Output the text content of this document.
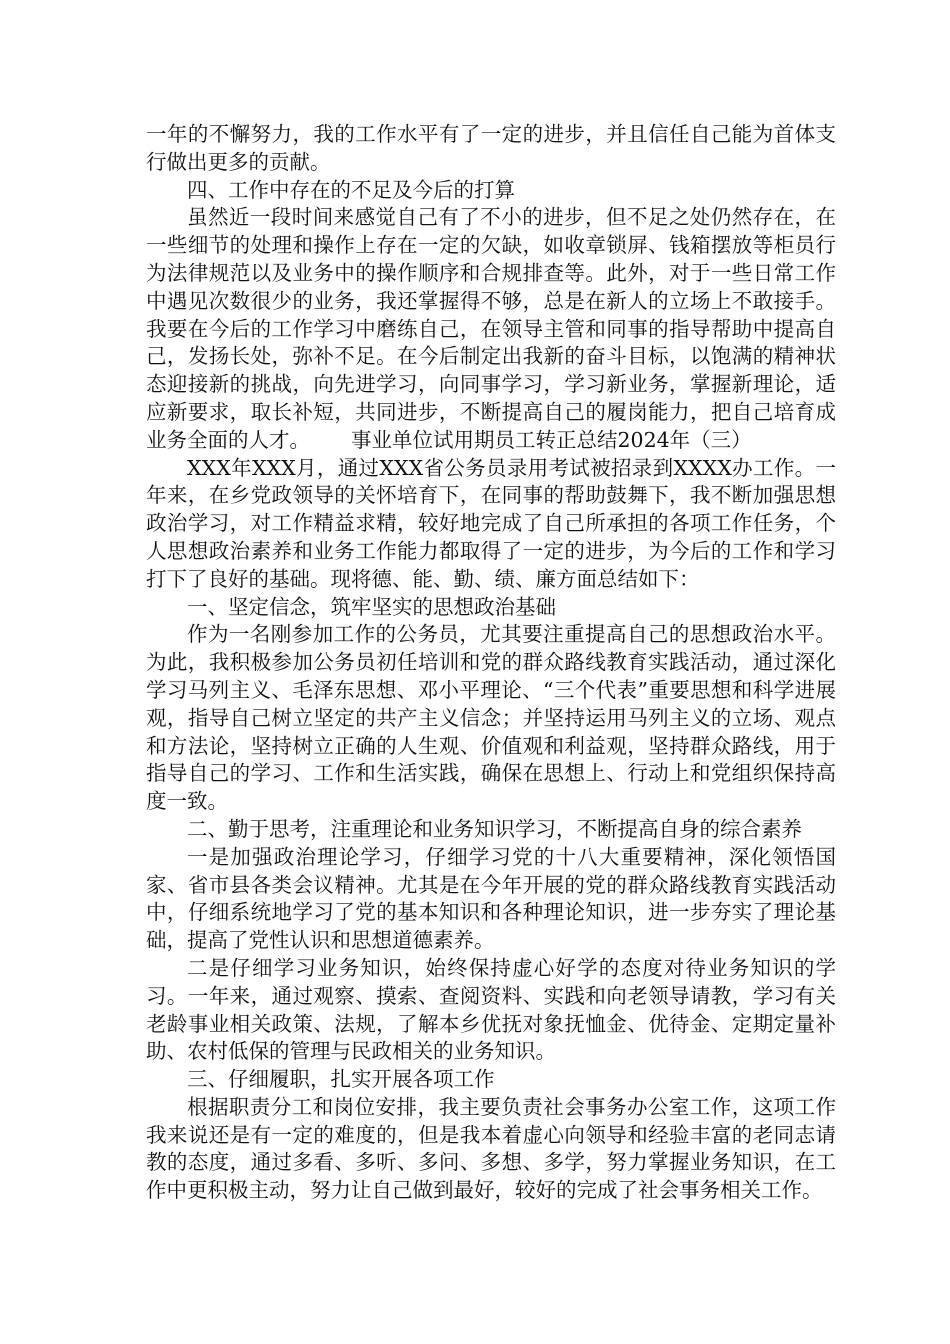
一年的不懈努力，我的工作水平有了一定的进步，并且信任自己能为首体支行做出更多的贡献。

四、工作中存在的不足及今后的打算

虽然近一段时间来感觉自己有了不小的进步，但不足之处仍然存在，在一些细节的处理和操作上存在一定的欠缺，如收章锁屏、钱箱摆放等柜员行为法律规范以及业务中的操作顺序和合规排查等。此外，对于一些日常工作中遇见次数很少的业务，我还掌握得不够，总是在新人的立场上不敢接手。我要在今后的工作学习中磨练自己，在领导主管和同事的指导帮助中提高自己，发扬长处，弥补不足。在今后制定出我新的奋斗目标，以饱满的精神状态迎接新的挑战，向先进学习，向同事学习，学习新业务，掌握新理论，适应新要求，取长补短，共同进步，不断提高自己的履岗能力，把自己培育成业务全面的人才。 事业单位试用期员工转正总结2024年（三）

XXX年XXX月，通过XXX省公务员录用考试被招录到XXXX办工作。一年来，在乡党政领导的关怀培育下，在同事的帮助鼓舞下，我不断加强思想政治学习，对工作精益求精，较好地完成了自己所承担的各项工作任务，个人思想政治素养和业务工作能力都取得了一定的进步，为今后的工作和学习打下了良好的基础。现将德、能、勤、绩、廉方面总结如下：

一、坚定信念，筑牢坚实的思想政治基础

作为一名刚参加工作的公务员，尤其要注重提高自己的思想政治水平。为此，我积极参加公务员初任培训和党的群众路线教育实践活动，通过深化学习马列主义、毛泽东思想、邓小平理论、“三个代表”重要思想和科学进展观，指导自己树立坚定的共产主义信念；并坚持运用马列主义的立场、观点和方法论，坚持树立正确的人生观、价值观和利益观，坚持群众路线，用于指导自己的学习、工作和生活实践，确保在思想上、行动上和党组织保持高度一致。

二、勤于思考，注重理论和业务知识学习，不断提高自身的综合素养

一是加强政治理论学习，仔细学习党的十八大重要精神，深化领悟国家、省市县各类会议精神。尤其是在今年开展的党的群众路线教育实践活动中，仔细系统地学习了党的基本知识和各种理论知识，进一步夯实了理论基础，提高了党性认识和思想道德素养。

二是仔细学习业务知识，始终保持虚心好学的态度对待业务知识的学习。一年来，通过观察、摸索、查阅资料、实践和向老领导请教，学习有关老龄事业相关政策、法规，了解本乡优抚对象抚恤金、优待金、定期定量补助、农村低保的管理与民政相关的业务知识。

三、仔细履职，扎实开展各项工作

根据职责分工和岗位安排，我主要负责社会事务办公室工作，这项工作我来说还是有一定的难度的，但是我本着虚心向领导和经验丰富的老同志请教的态度，通过多看、多听、多问、多想、多学，努力掌握业务知识，在工作中更积极主动，努力让自己做到最好，较好的完成了社会事务相关工作。
